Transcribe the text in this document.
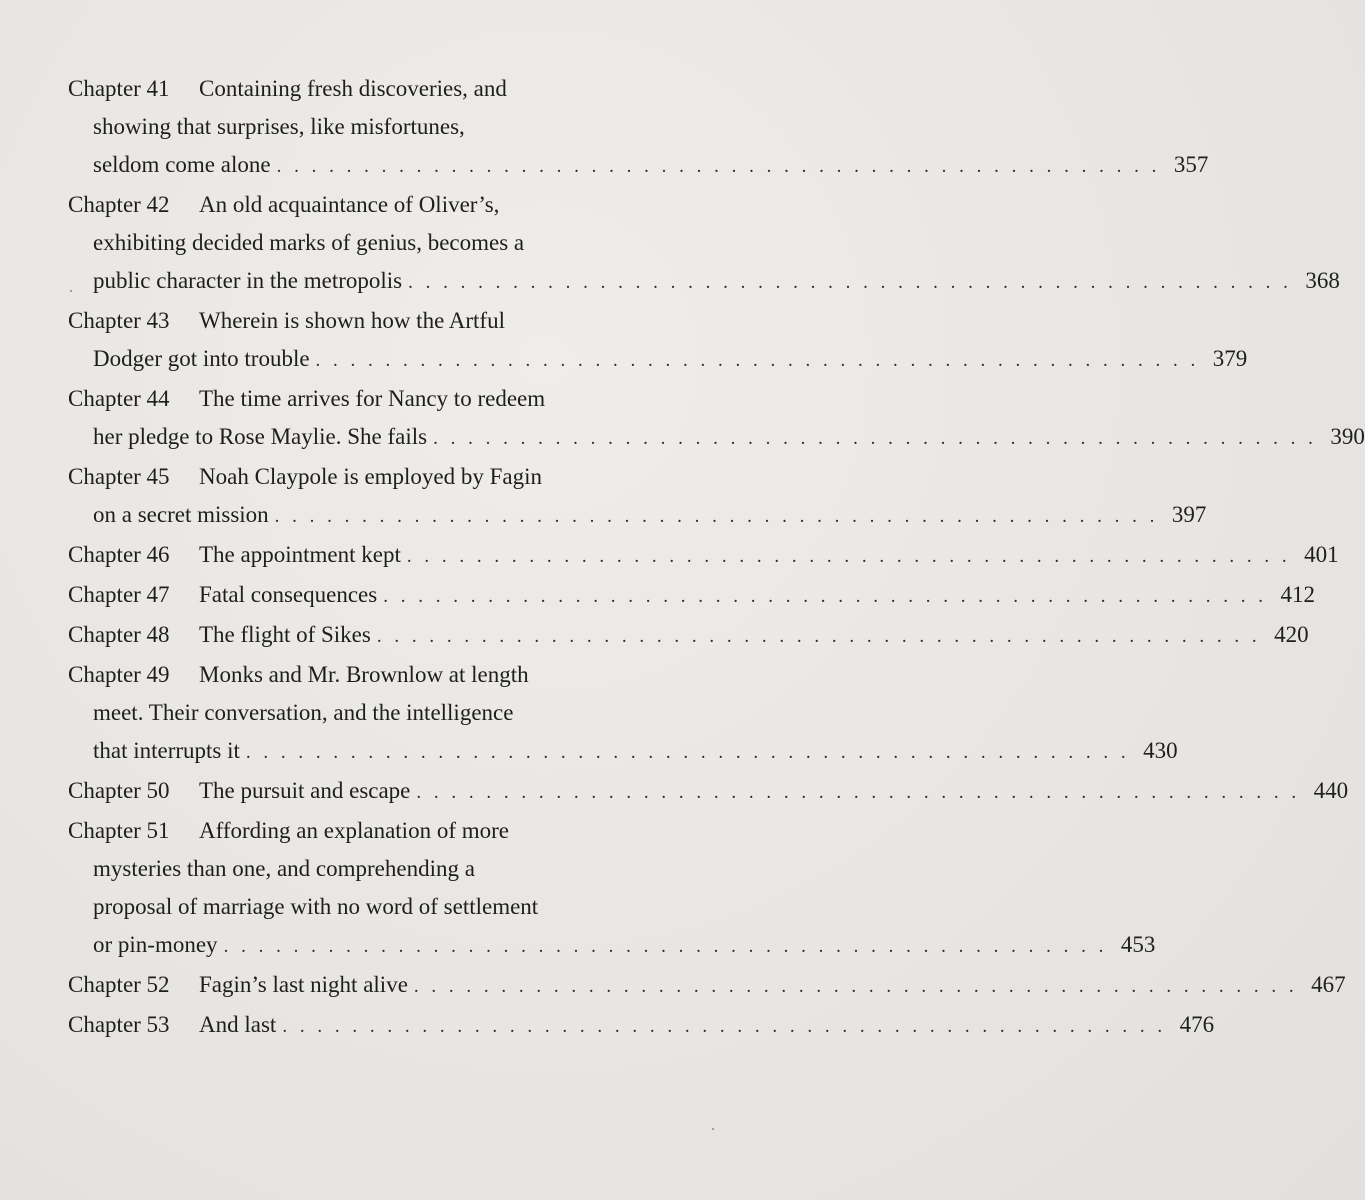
Chapter 41	Containing fresh discoveries, and
showing that surprises, like misfortunes,
seldom come alone . . . . . . . . . . . . . . . . . . . . . . . . . . . . . . . . . . . . . . . . . . . . . . . . . . . 357
Chapter 42	An old acquaintance of Oliver’s,
exhibiting decided marks of genius, becomes a
public character in the metropolis . . . . . . . . . . . . . . . . . . . . . . . . . . . . . . . . . . . . . . . . . . . . . . . . . . . 368
Chapter 43	Wherein is shown how the Artful
Dodger got into trouble . . . . . . . . . . . . . . . . . . . . . . . . . . . . . . . . . . . . . . . . . . . . . . . . . . . 379
Chapter 44	The time arrives for Nancy to redeem
her pledge to Rose Maylie. She fails . . . . . . . . . . . . . . . . . . . . . . . . . . . . . . . . . . . . . . . . . . . . . . . . . . . 390
Chapter 45	Noah Claypole is employed by Fagin
on a secret mission . . . . . . . . . . . . . . . . . . . . . . . . . . . . . . . . . . . . . . . . . . . . . . . . . . . 397
Chapter 46	The appointment kept . . . . . . . . . . . . . . . . . . . . . . . . . . . . . . . . . . . . . . . . . . . . . . . . . . . 401
Chapter 47	Fatal consequences . . . . . . . . . . . . . . . . . . . . . . . . . . . . . . . . . . . . . . . . . . . . . . . . . . . 412
Chapter 48	The flight of Sikes . . . . . . . . . . . . . . . . . . . . . . . . . . . . . . . . . . . . . . . . . . . . . . . . . . . 420
Chapter 49	Monks and Mr. Brownlow at length
meet. Their conversation, and the intelligence
that interrupts it . . . . . . . . . . . . . . . . . . . . . . . . . . . . . . . . . . . . . . . . . . . . . . . . . . . 430
Chapter 50	The pursuit and escape . . . . . . . . . . . . . . . . . . . . . . . . . . . . . . . . . . . . . . . . . . . . . . . . . . . 440
Chapter 51	Affording an explanation of more
mysteries than one, and comprehending a
proposal of marriage with no word of settlement
or pin-money . . . . . . . . . . . . . . . . . . . . . . . . . . . . . . . . . . . . . . . . . . . . . . . . . . . 453
Chapter 52	Fagin’s last night alive . . . . . . . . . . . . . . . . . . . . . . . . . . . . . . . . . . . . . . . . . . . . . . . . . . . 467
Chapter 53	And last . . . . . . . . . . . . . . . . . . . . . . . . . . . . . . . . . . . . . . . . . . . . . . . . . . . 476
